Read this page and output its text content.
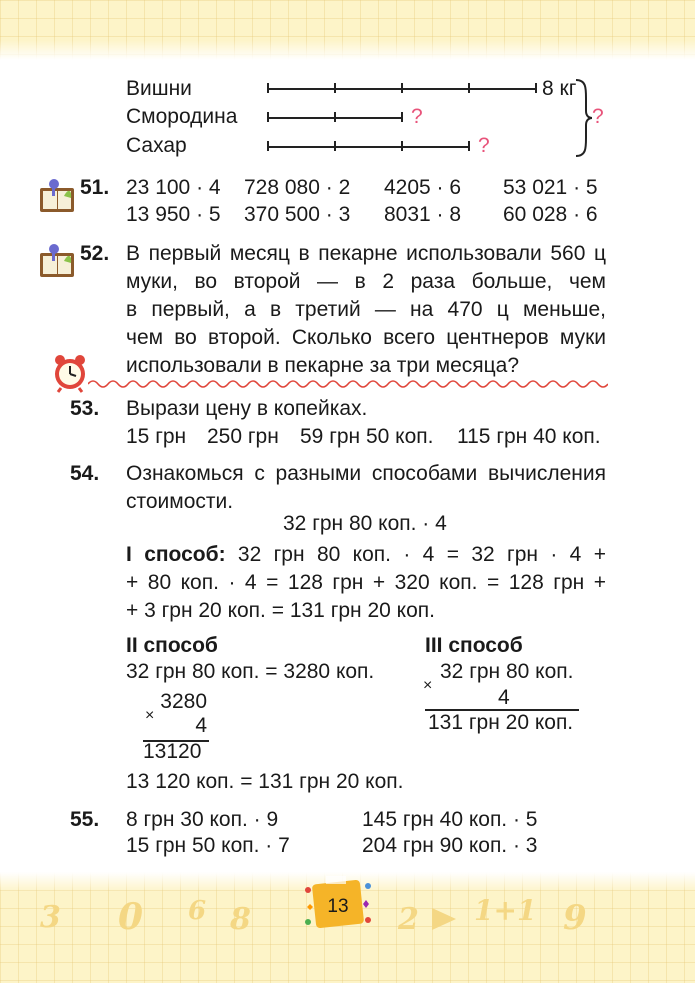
Вишни
Смородина
Сахар
8 кг
?
?
?
51. 23 100 · 4 728 080 · 2 4205 · 6 53 021 · 5
13 950 · 5 370 500 · 3 8031 · 8 60 028 · 6
52. В первый месяц в пекарне использовали 560 ц
муки, во второй — в 2 раза больше, чем
в первый, а в третий — на 470 ц меньше,
чем во второй. Сколько всего центнеров муки
использовали в пекарне за три месяца?
53. Вырази цену в копейках.
15 грн 250 грн 59 грн 50 коп. 115 грн 40 коп.
54. Ознакомься с разными способами вычисления
стоимости.
32 грн 80 коп. · 4
I способ: 32 грн 80 коп. · 4 = 32 грн · 4 +
+ 80 коп. · 4 = 128 грн + 320 коп. = 128 грн +
+ 3 грн 20 коп. = 131 грн 20 коп.
II способ
32 грн 80 коп. = 3280 коп.
×
3280
4
13120
13 120 коп. = 131 грн 20 коп.
III способ
×
32 грн 80 коп.
4
131 грн 20 коп.
55. 8 грн 30 коп. · 9	145 грн 40 коп. · 5
15 грн 50 коп. · 7	204 грн 90 коп. · 3
3 0 6 8	2 1+1 9
13
